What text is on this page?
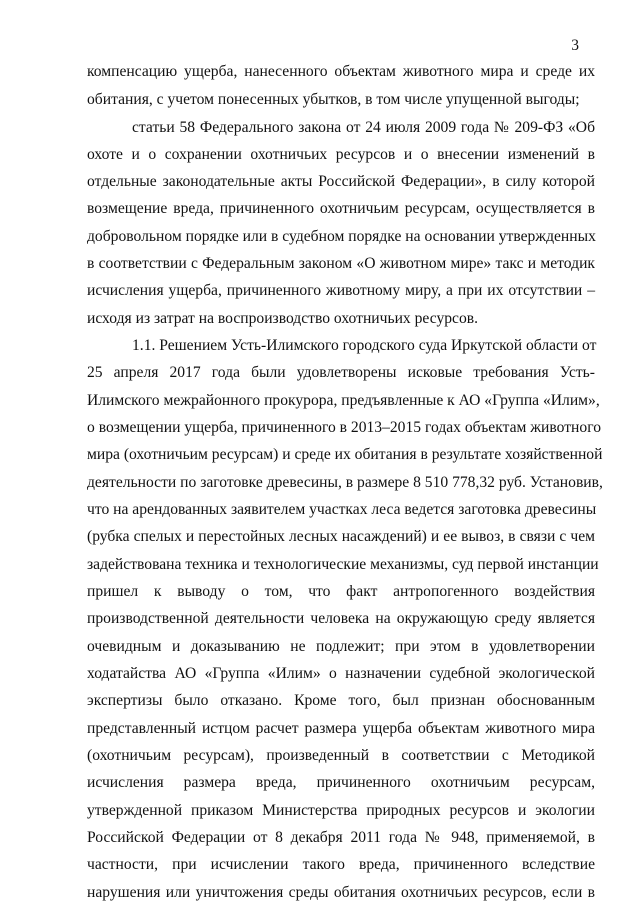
3
компенсацию ущерба, нанесенного объектам животного мира и среде их
обитания, с учетом понесенных убытков, в том числе упущенной выгоды;
статьи 58 Федерального закона от 24 июля 2009 года № 209-ФЗ «Об
охоте и о сохранении охотничьих ресурсов и о внесении изменений в
отдельные законодательные акты Российской Федерации», в силу которой
возмещение вреда, причиненного охотничьим ресурсам, осуществляется в
добровольном порядке или в судебном порядке на основании утвержденных
в соответствии с Федеральным законом «О животном мире» такс и методик
исчисления ущерба, причиненного животному миру, а при их отсутствии –
исходя из затрат на воспроизводство охотничьих ресурсов.
1.1. Решением Усть-Илимского городского суда Иркутской области от
25 апреля 2017 года были удовлетворены исковые требования Усть-
Илимского межрайонного прокурора, предъявленные к АО «Группа «Илим»,
о возмещении ущерба, причиненного в 2013–2015 годах объектам животного
мира (охотничьим ресурсам) и среде их обитания в результате хозяйственной
деятельности по заготовке древесины, в размере 8 510 778,32 руб. Установив,
что на арендованных заявителем участках леса ведется заготовка древесины
(рубка спелых и перестойных лесных насаждений) и ее вывоз, в связи с чем
задействована техника и технологические механизмы, суд первой инстанции
пришел к выводу о том, что факт антропогенного воздействия
производственной деятельности человека на окружающую среду является
очевидным и доказыванию не подлежит; при этом в удовлетворении
ходатайства АО «Группа «Илим» о назначении судебной экологической
экспертизы было отказано. Кроме того, был признан обоснованным
представленный истцом расчет размера ущерба объектам животного мира
(охотничьим ресурсам), произведенный в соответствии с Методикой
исчисления размера вреда, причиненного охотничьим ресурсам,
утвержденной приказом Министерства природных ресурсов и экологии
Российской Федерации от 8 декабря 2011 года № 948, применяемой, в
частности, при исчислении такого вреда, причиненного вследствие
нарушения или уничтожения среды обитания охотничьих ресурсов, если в
